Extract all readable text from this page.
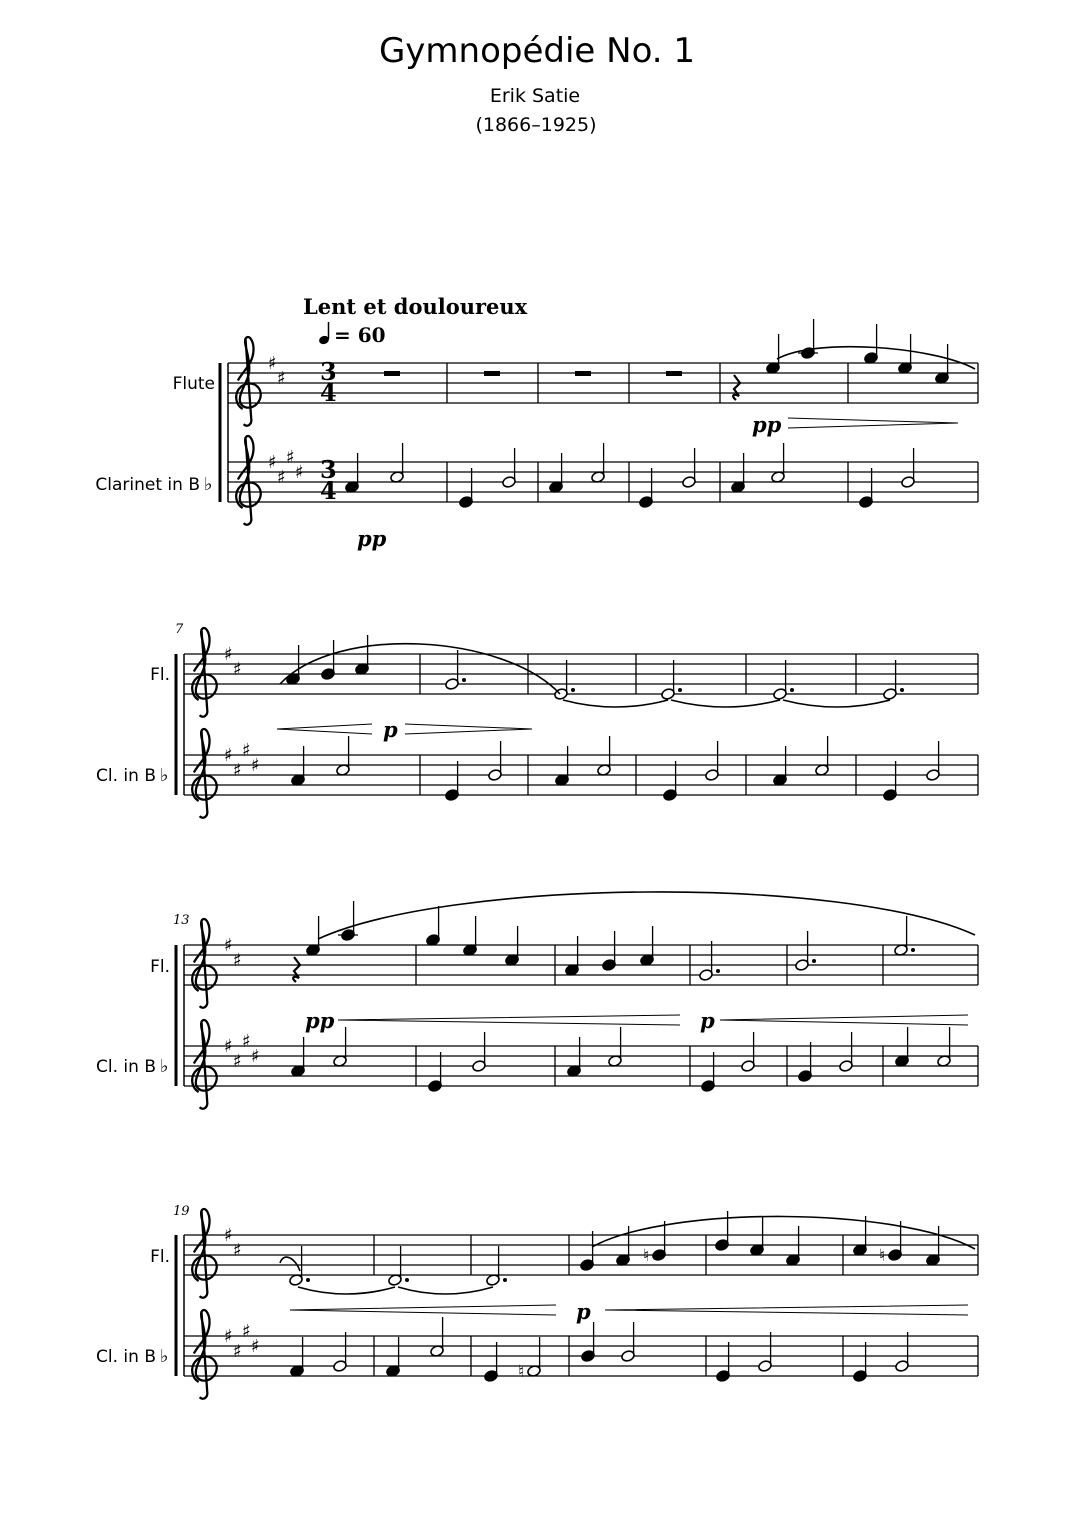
Gymnopédie No. 1
Erik Satie
(1866–1925)
Lent et douloureux
= 60
Flute
Clarinet in B ♭
Fl.
Cl. in B ♭
Fl.
Cl. in B ♭
Fl.
Cl. in B ♭
7
13
19
pp
pp
p
pp	p
p
3
4
3
4
♯
♯
♯
♯
♯
♯
♯
♯
♯
♯
♯
♯
♯
♯
♯
♯
♯
♯
♯
♯
♯
♯
♯
♯
♮	♮
♮
